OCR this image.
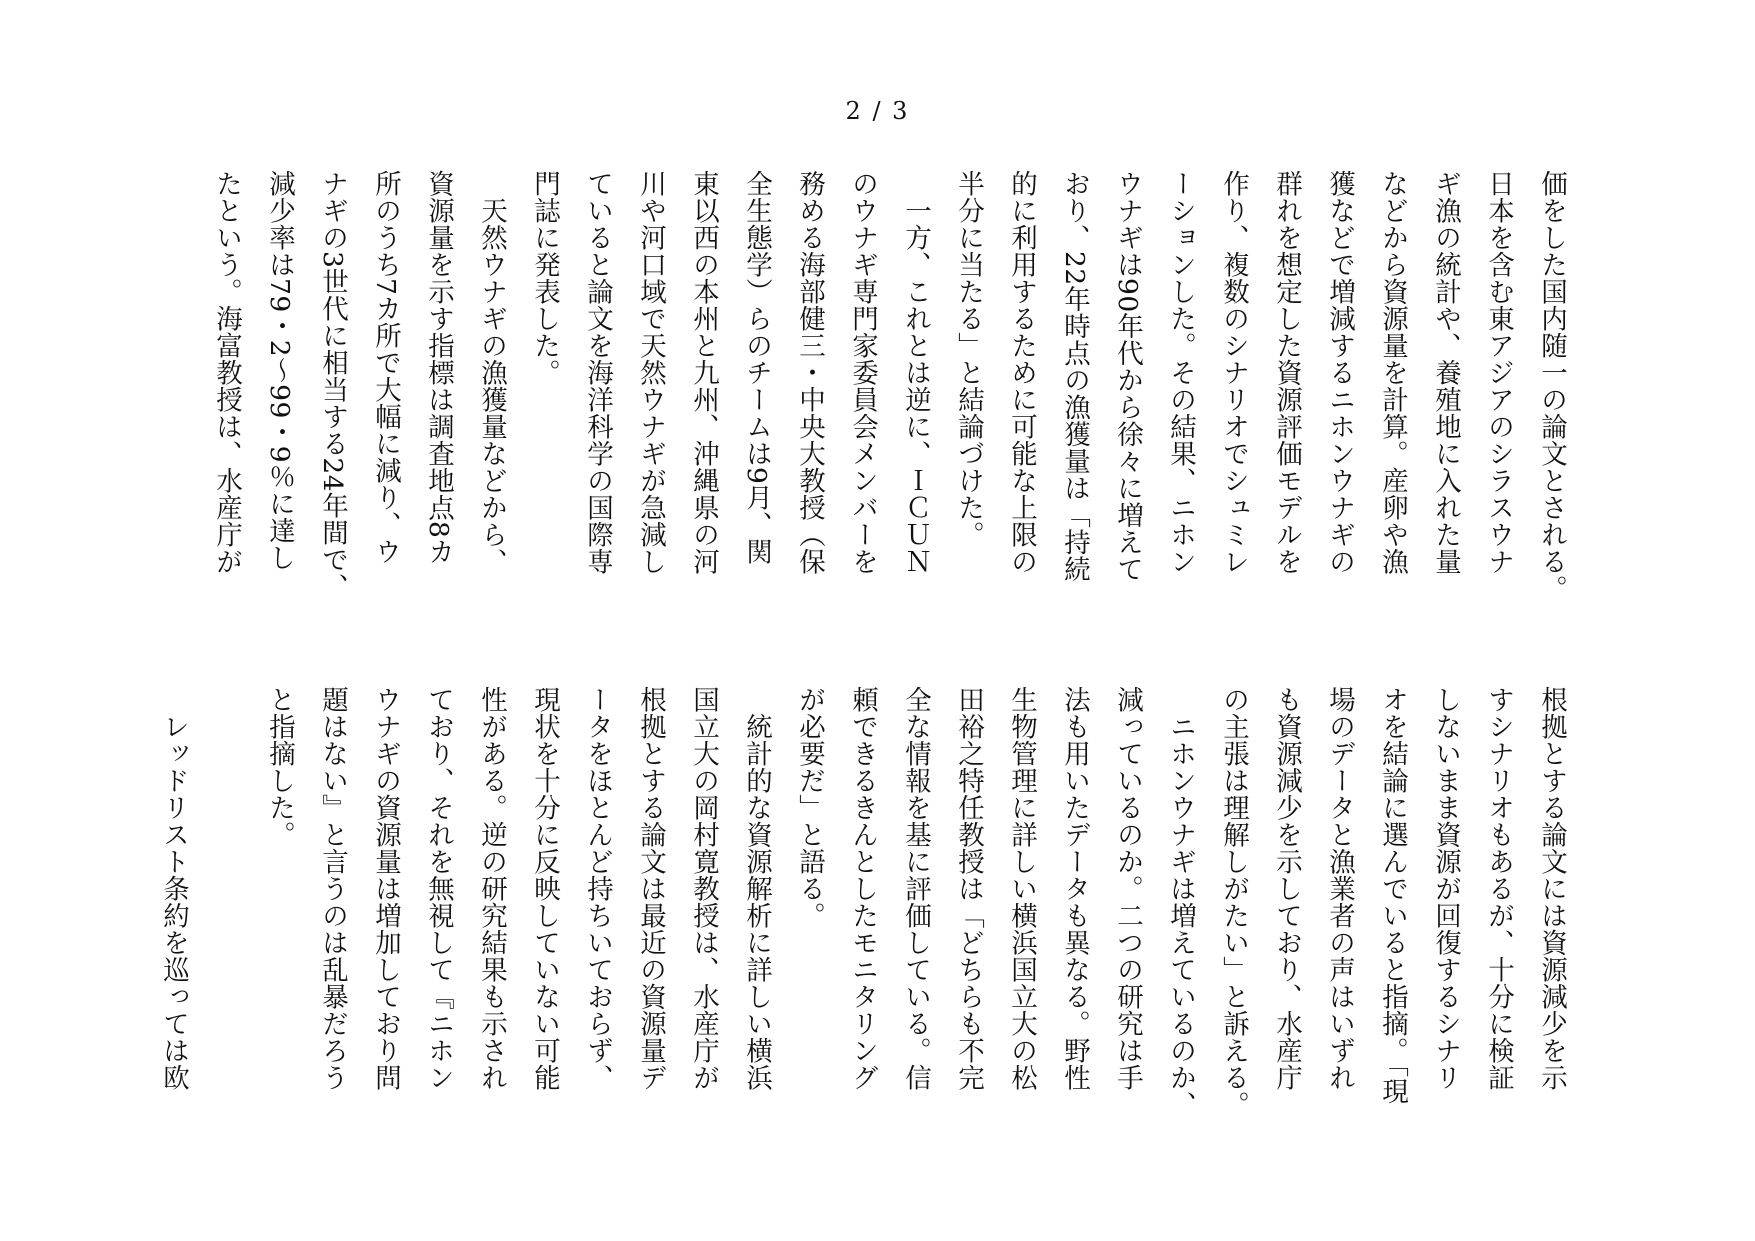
2 / 3

価をした国内随一の論文とされる。
日本を含む東アジアのシラスウナ
ギ漁の統計や、養殖地に入れた量
などから資源量を計算。産卵や漁
獲などで増減するニホンウナギの
群れを想定した資源評価モデルを
作り、複数のシナリオでシュミレ
ーションした。その結果、ニホン
ウナギは90年代から徐々に増えて
おり、22年時点の漁獲量は「持続
的に利用するために可能な上限の
半分に当たる」と結論づけた。

　一方、これとは逆に、ＩＣＵＮ
のウナギ専門家委員会メンバーを
務める海部健三・中央大教授（保
全生態学）らのチームは9月、関
東以西の本州と九州、沖縄県の河
川や河口域で天然ウナギが急減し
ていると論文を海洋科学の国際専
門誌に発表した。

　天然ウナギの漁獲量などから、
資源量を示す指標は調査地点8カ
所のうち7カ所で大幅に減り、ウ
ナギの3世代に相当する24年間で、
減少率は79・2～99・9％に達し
たという。海富教授は、水産庁が

根拠とする論文には資源減少を示
すシナリオもあるが、十分に検証
しないまま資源が回復するシナリ
オを結論に選んでいると指摘。「現
場のデータと漁業者の声はいずれ
も資源減少を示しており、水産庁
の主張は理解しがたい」と訴える。

　ニホンウナギは増えているのか、
減っているのか。二つの研究は手
法も用いたデータも異なる。野性
生物管理に詳しい横浜国立大の松
田裕之特任教授は「どちらも不完
全な情報を基に評価している。信
頼できるきんとしたモニタリング
が必要だ」と語る。

　統計的な資源解析に詳しい横浜
国立大の岡村寛教授は、水産庁が
根拠とする論文は最近の資源量デ
ータをほとんど持ちいておらず、
現状を十分に反映していない可能
性がある。逆の研究結果も示され
ており、それを無視して『ニホン
ウナギの資源量は増加しており問
題はない』と言うのは乱暴だろう
と指摘した。

　レッドリスト条約を巡っては欧
